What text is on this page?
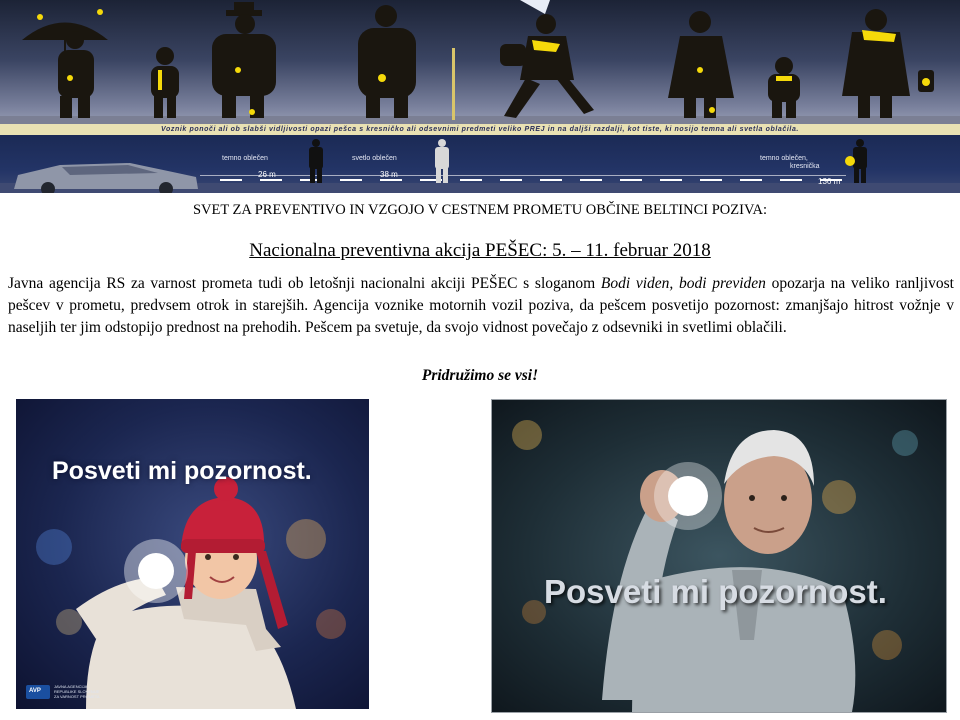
Voznik ponoči ali ob slabši vidljivosti opazi pešca s kresničko ali odsevnimi predmeti veliko PREJ in na daljši razdalji, kot tiste, ki nosijo temna ali svetla oblačila.
temno oblečen
26 m
svetlo oblečen
38 m
temno oblečen,
kresnička
136 m
SVET ZA PREVENTIVO IN VZGOJO V CESTNEM PROMETU OBČINE BELTINCI POZIVA:
Nacionalna preventivna akcija PEŠEC: 5. – 11. februar 2018
Javna agencija RS za varnost prometa tudi ob letošnji nacionalni akciji PEŠEC s sloganom Bodi viden, bodi previden opozarja na veliko ranljivost pešcev v prometu, predvsem otrok in starejših. Agencija voznike motornih vozil poziva, da pešcem posvetijo pozornost: zmanjšajo hitrost vožnje v naseljih ter jim odstopijo prednost na prehodih. Pešcem pa svetuje, da svojo vidnost povečajo z odsevniki in svetlimi oblačili.
Pridružimo se vsi!
Posveti mi pozornost.
AVP
JAVNA AGENCIJA
REPUBLIKE SLOVENIJE
ZA VARNOST PROMETA
Posveti mi pozornost.
